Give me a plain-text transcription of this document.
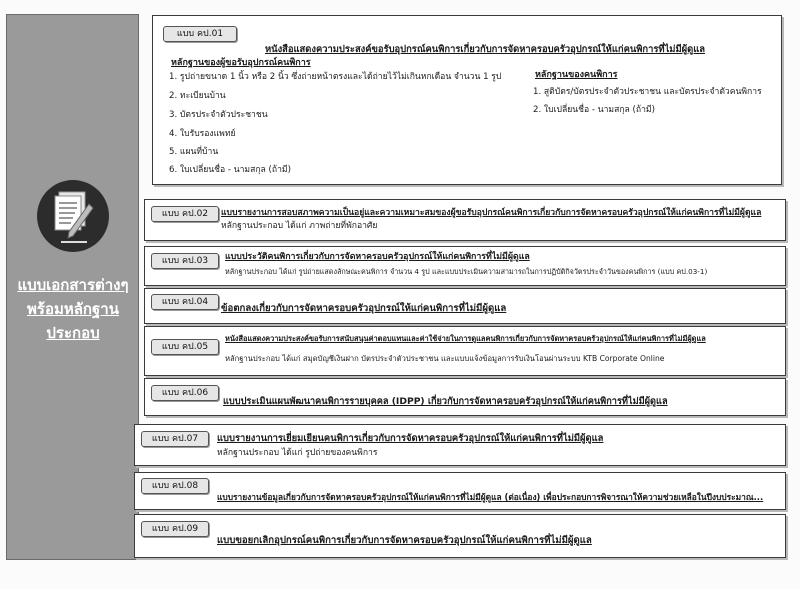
แบบเอกสารต่างๆ
พร้อมหลักฐาน
ประกอบ
แบบ คป.01
หนังสือแสดงความประสงค์ขอรับอุปกรณ์คนพิการเกี่ยวกับการจัดหาครอบครัวอุปกรณ์ให้แก่คนพิการที่ไม่มีผู้ดูแล
หลักฐานของผู้ขอรับอุปกรณ์คนพิการ
1. รูปถ่ายขนาด 1 นิ้ว หรือ 2 นิ้ว ซึ่งถ่ายหน้าตรงและได้ถ่ายไว้ไม่เกินหกเดือน จำนวน 1 รูป
2. ทะเบียนบ้าน
3. บัตรประจำตัวประชาชน
4. ใบรับรองแพทย์
5. แผนที่บ้าน
6. ใบเปลี่ยนชื่อ - นามสกุล (ถ้ามี)
หลักฐานของคนพิการ
1. สูติบัตร/บัตรประจำตัวประชาชน และบัตรประจำตัวคนพิการ
2. ใบเปลี่ยนชื่อ - นามสกุล (ถ้ามี)
แบบ คป.02	แบบรายงานการสอบสภาพความเป็นอยู่และความเหมาะสมของผู้ขอรับอุปกรณ์คนพิการเกี่ยวกับการจัดหาครอบครัวอุปกรณ์ให้แก่คนพิการที่ไม่มีผู้ดูแล
หลักฐานประกอบ ได้แก่ ภาพถ่ายที่พักอาศัย
แบบ คป.03	แบบประวัติคนพิการเกี่ยวกับการจัดหาครอบครัวอุปกรณ์ให้แก่คนพิการที่ไม่มีผู้ดูแล
หลักฐานประกอบ ได้แก่ รูปถ่ายแสดงลักษณะคนพิการ จำนวน 4 รูป และแบบประเมินความสามารถในการปฏิบัติกิจวัตรประจำวันของคนพิการ (แบบ คป.03-1)
แบบ คป.04
ข้อตกลงเกี่ยวกับการจัดหาครอบครัวอุปกรณ์ให้แก่คนพิการที่ไม่มีผู้ดูแล
แบบ คป.05
หนังสือแสดงความประสงค์ขอรับการสนับสนุนค่าตอบแทนและค่าใช้จ่ายในการดูแลคนพิการเกี่ยวกับการจัดหาครอบครัวอุปกรณ์ให้แก่คนพิการที่ไม่มีผู้ดูแล
หลักฐานประกอบ ได้แก่ สมุดบัญชีเงินฝาก บัตรประจำตัวประชาชน และแบบแจ้งข้อมูลการรับเงินโอนผ่านระบบ KTB Corporate Online
แบบ คป.06
แบบประเมินแผนพัฒนาคนพิการรายบุคคล (IDPP) เกี่ยวกับการจัดหาครอบครัวอุปกรณ์ให้แก่คนพิการที่ไม่มีผู้ดูแล
แบบ คป.07	แบบรายงานการเยี่ยมเยียนคนพิการเกี่ยวกับการจัดหาครอบครัวอุปกรณ์ให้แก่คนพิการที่ไม่มีผู้ดูแล
หลักฐานประกอบ ได้แก่ รูปถ่ายของคนพิการ
แบบ คป.08
แบบรายงานข้อมูลเกี่ยวกับการจัดหาครอบครัวอุปกรณ์ให้แก่คนพิการที่ไม่มีผู้ดูแล (ต่อเนื่อง) เพื่อประกอบการพิจารณาให้ความช่วยเหลือในปีงบประมาณ...
แบบ คป.09
แบบขอยกเลิกอุปกรณ์คนพิการเกี่ยวกับการจัดหาครอบครัวอุปกรณ์ให้แก่คนพิการที่ไม่มีผู้ดูแล
